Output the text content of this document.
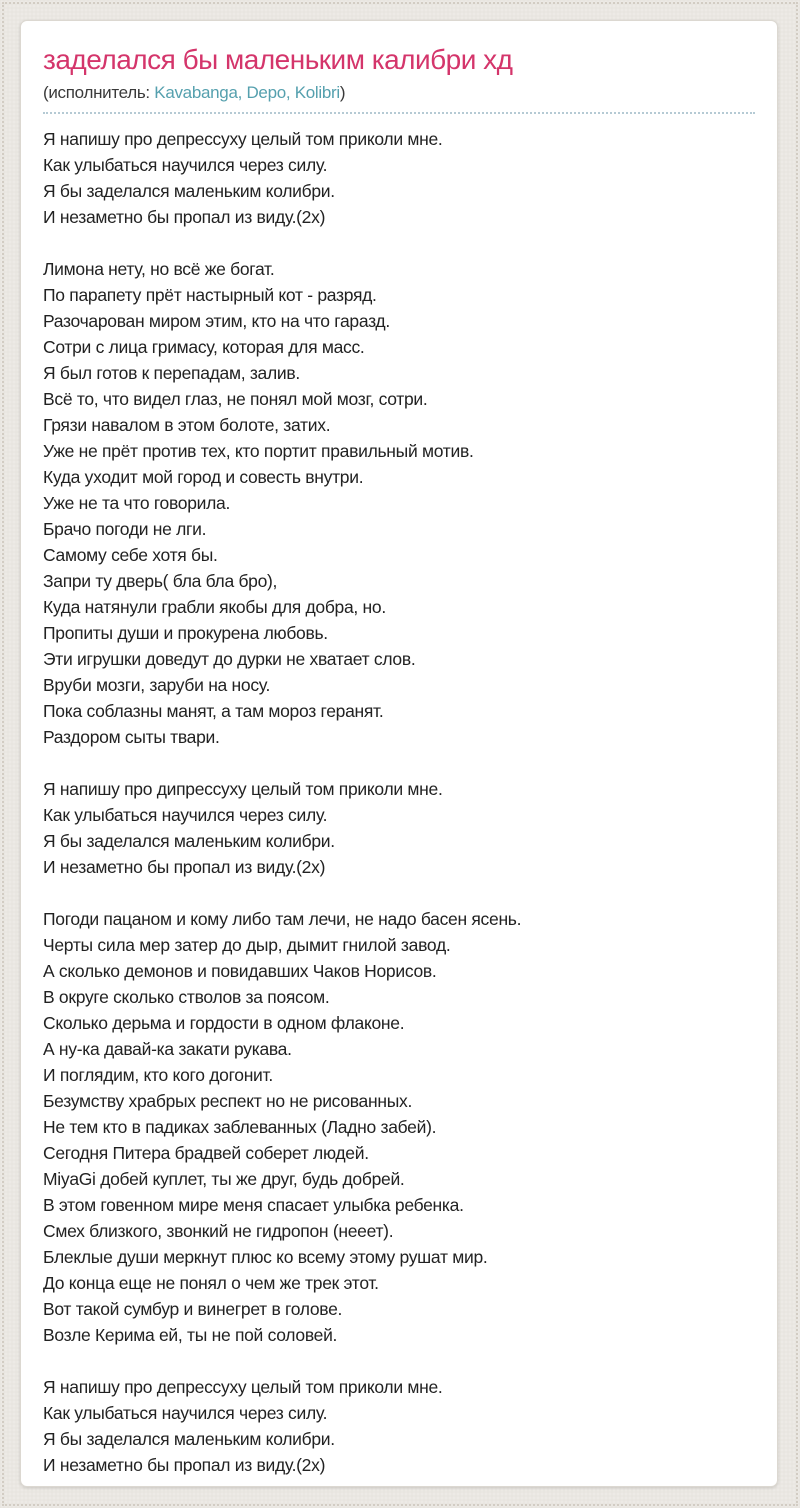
заделался бы маленьким калибри хд
(исполнитель: Kavabanga, Depo, Kolibri)
Я напишу про депрессуху целый том приколи мне.
Как улыбаться научился через силу.
Я бы заделался маленьким колибри.
И незаметно бы пропал из виду.(2х)
Лимона нету, но всё же богат.
По парапету прёт настырный кот - разряд.
Разочарован миром этим, кто на что гаразд.
Сотри с лица гримасу, которая для масс.
Я был готов к перепадам, залив.
Всё то, что видел глаз, не понял мой мозг, сотри.
Грязи навалом в этом болоте, затих.
Уже не прёт против тех, кто портит правильный мотив.
Куда уходит мой город и совесть внутри.
Уже не та что говорила.
Брачо погоди не лги.
Самому себе хотя бы.
Запри ту дверь( бла бла бро),
Куда натянули грабли якобы для добра, но.
Пропиты души и прокурена любовь.
Эти игрушки доведут до дурки не хватает слов.
Вруби мозги, заруби на носу.
Пока соблазны манят, а там мороз геранят.
Раздором сыты твари.
Я напишу про дипрессуху целый том приколи мне.
Как улыбаться научился через силу.
Я бы заделался маленьким колибри.
И незаметно бы пропал из виду.(2х)
Погоди пацаном и кому либо там лечи, не надо басен ясень.
Черты сила мер затер до дыр, дымит гнилой завод.
А сколько демонов и повидавших Чаков Норисов.
В округе сколько стволов за поясом.
Сколько дерьма и гордости в одном флаконе.
А ну-ка давай-ка закати рукава.
И поглядим, кто кого догонит.
Безумству храбрых респект но не рисованных.
Не тем кто в падиках заблеванных (Ладно забей).
Сегодня Питера брадвей соберет людей.
MiyaGi добей куплет, ты же друг, будь добрей.
В этом говенном мире меня спасает улыбка ребенка.
Смех близкого, звонкий не гидропон (нееет).
Блеклые души меркнут плюс ко всему этому рушат мир.
До конца еще не понял о чем же трек этот.
Вот такой сумбур и винегрет в голове.
Возле Керима ей, ты не пой соловей.
Я напишу про депрессуху целый том приколи мне.
Как улыбаться научился через силу.
Я бы заделался маленьким колибри.
И незаметно бы пропал из виду.(2х)
